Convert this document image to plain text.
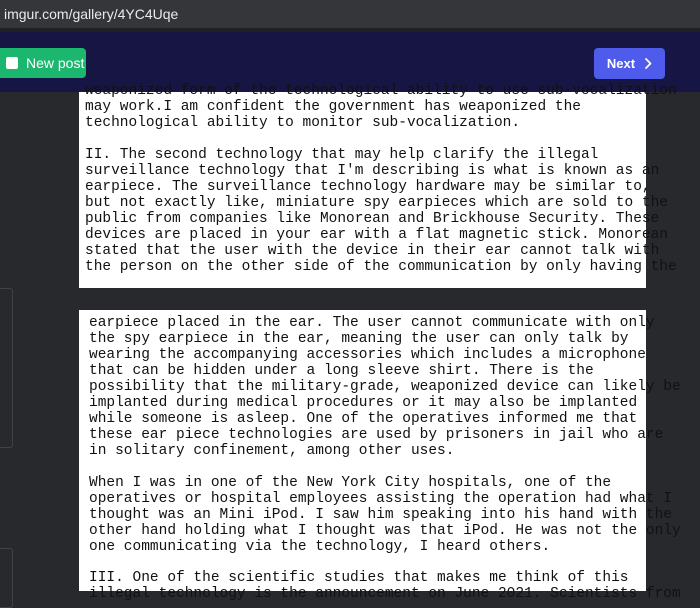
imgur.com/gallery/4YC4Uqe
New post	Next
weaponized form of the technological ability to use sub-vocalization
may work.I am confident the government has weaponized the
technological ability to monitor sub-vocalization.
II. The second technology that may help clarify the illegal
surveillance technology that I'm describing is what is known as an
earpiece. The surveillance technology hardware may be similar to,
but not exactly like, miniature spy earpieces which are sold to the
public from companies like Monorean and Brickhouse Security. These
devices are placed in your ear with a flat magnetic stick. Monorean
stated that the user with the device in their ear cannot talk with
the person on the other side of the communication by only having the
earpiece placed in the ear. The user cannot communicate with only
the spy earpiece in the ear, meaning the user can only talk by
wearing the accompanying accessories which includes a microphone
that can be hidden under a long sleeve shirt. There is the
possibility that the military-grade, weaponized device can likely be
implanted during medical procedures or it may also be implanted
while someone is asleep. One of the operatives informed me that
these ear piece technologies are used by prisoners in jail who are
in solitary confinement, among other uses.
When I was in one of the New York City hospitals, one of the
operatives or hospital employees assisting the operation had what I
thought was an Mini iPod. I saw him speaking into his hand with the
other hand holding what I thought was that iPod. He was not the only
one communicating via the technology, I heard others.
III. One of the scientific studies that makes me think of this
illegal technology is the announcement on June 2021. Scientists from
